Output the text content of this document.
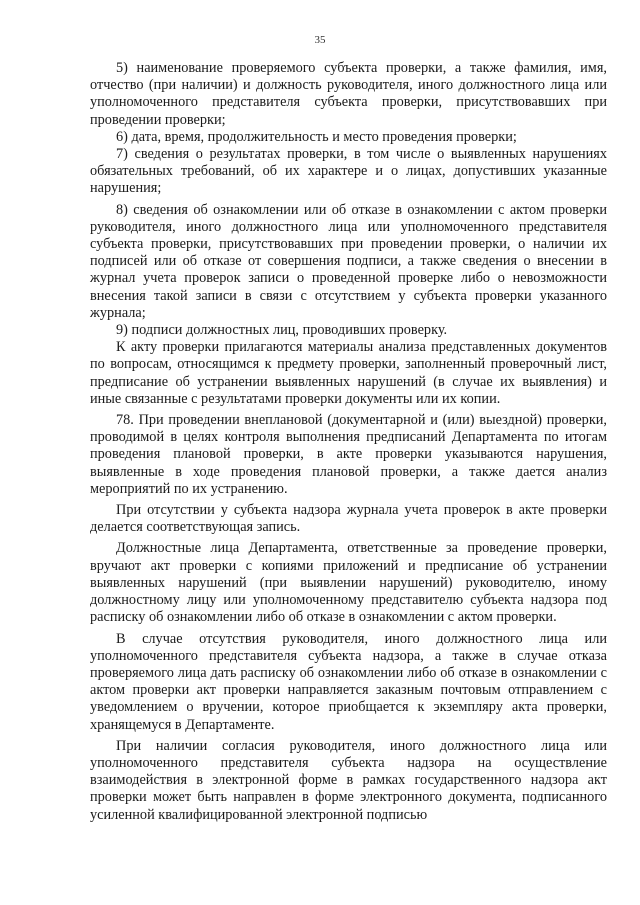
35

5) наименование проверяемого субъекта проверки, а также фамилия, имя, отчество (при наличии) и должность руководителя, иного должностного лица или уполномоченного представителя субъекта проверки, присутствовавших при проведении проверки;

6) дата, время, продолжительность и место проведения проверки;

7) сведения о результатах проверки, в том числе о выявленных нарушениях обязательных требований, об их характере и о лицах, допустивших указанные нарушения;

8) сведения об ознакомлении или об отказе в ознакомлении с актом проверки руководителя, иного должностного лица или уполномоченного представителя субъекта проверки, присутствовавших при проведении проверки, о наличии их подписей или об отказе от совершения подписи, а также сведения о внесении в журнал учета проверок записи о проведенной проверке либо о невозможности внесения такой записи в связи с отсутствием у субъекта проверки указанного журнала;

9) подписи должностных лиц, проводивших проверку.

К акту проверки прилагаются материалы анализа представленных документов по вопросам, относящимся к предмету проверки, заполненный проверочный лист, предписание об устранении выявленных нарушений (в случае их выявления) и иные связанные с результатами проверки документы или их копии.

78. При проведении внеплановой (документарной и (или) выездной) проверки, проводимой в целях контроля выполнения предписаний Департамента по итогам проведения плановой проверки, в акте проверки указываются нарушения, выявленные в ходе проведения плановой проверки, а также дается анализ мероприятий по их устранению.

При отсутствии у субъекта надзора журнала учета проверок в акте проверки делается соответствующая запись.

Должностные лица Департамента, ответственные за проведение проверки, вручают акт проверки с копиями приложений и предписание об устранении выявленных нарушений (при выявлении нарушений) руководителю, иному должностному лицу или уполномоченному представителю субъекта надзора под расписку об ознакомлении либо об отказе в ознакомлении с актом проверки.

В случае отсутствия руководителя, иного должностного лица или уполномоченного представителя субъекта надзора, а также в случае отказа проверяемого лица дать расписку об ознакомлении либо об отказе в ознакомлении с актом проверки акт проверки направляется заказным почтовым отправлением с уведомлением о вручении, которое приобщается к экземпляру акта проверки, хранящемуся в Департаменте.

При наличии согласия руководителя, иного должностного лица или уполномоченного представителя субъекта надзора на осуществление взаимодействия в электронной форме в рамках государственного надзора акт проверки может быть направлен в форме электронного документа, подписанного усиленной квалифицированной электронной подписью
